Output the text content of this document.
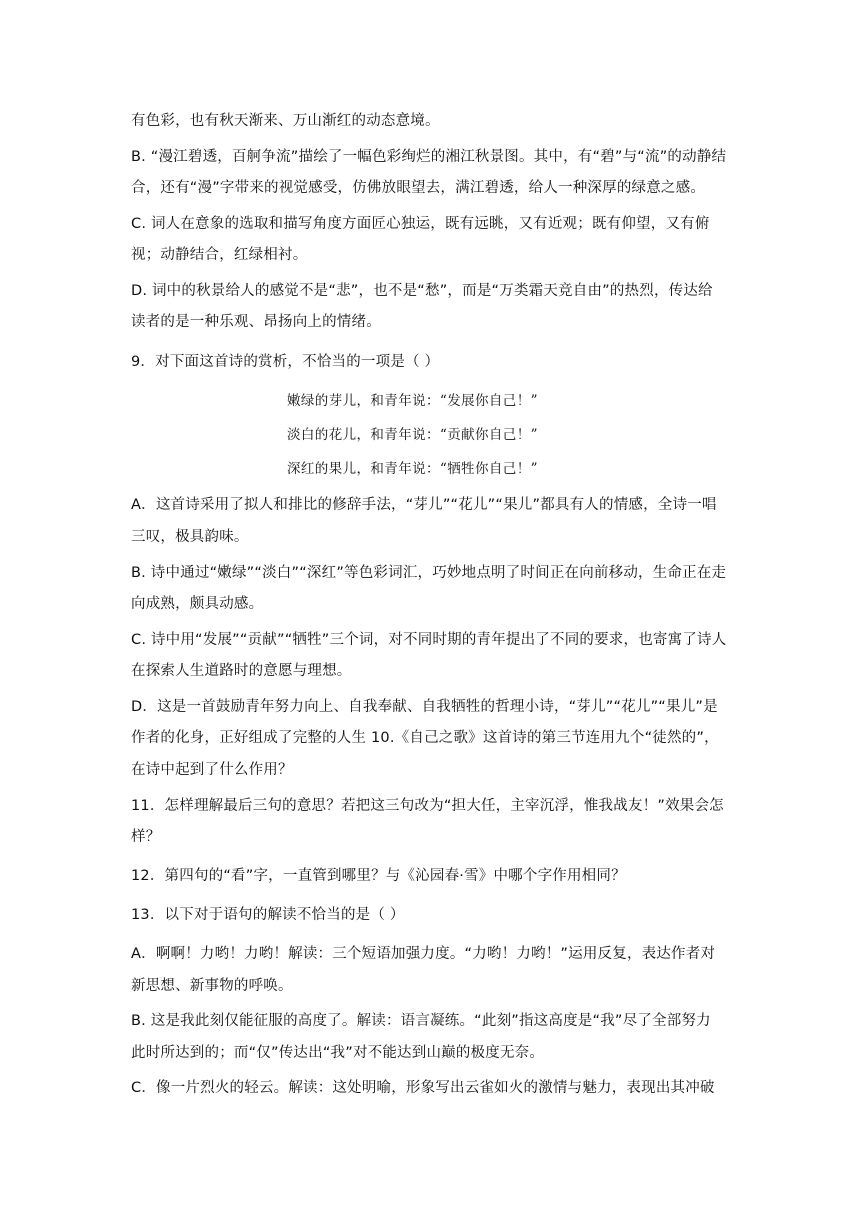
有色彩，也有秋天渐来、万山渐红的动态意境。
B. “漫江碧透，百舸争流”描绘了一幅色彩绚烂的湘江秋景图。其中，有“碧”与“流”的动静结
合，还有“漫”字带来的视觉感受，仿佛放眼望去，满江碧透，给人一种深厚的绿意之感。
C. 词人在意象的选取和描写角度方面匠心独运，既有远眺，又有近观；既有仰望，又有俯
视；动静结合，红绿相衬。
D. 词中的秋景给人的感觉不是“悲”，也不是“愁”，而是“万类霜天竞自由”的热烈，传达给
读者的是一种乐观、昂扬向上的情绪。
9．对下面这首诗的赏析，不恰当的一项是（ ）
嫩绿的芽儿，和青年说：“发展你自己！”
淡白的花儿，和青年说：“贡献你自己！”
深红的果儿，和青年说：“牺牲你自己！”
A．这首诗采用了拟人和排比的修辞手法，“芽儿”“花儿”“果儿”都具有人的情感，全诗一唱
三叹，极具韵味。
B. 诗中通过“嫩绿”“淡白”“深红”等色彩词汇，巧妙地点明了时间正在向前移动，生命正在走
向成熟，颇具动感。
C. 诗中用“发展”“贡献”“牺牲”三个词，对不同时期的青年提出了不同的要求，也寄寓了诗人
在探索人生道路时的意愿与理想。
D．这是一首鼓励青年努力向上、自我奉献、自我牺牲的哲理小诗，“芽儿”“花儿”“果儿”是
作者的化身，正好组成了完整的人生 10.《自己之歌》这首诗的第三节连用九个“徒然的”，
在诗中起到了什么作用？
11．怎样理解最后三句的意思？若把这三句改为“担大任，主宰沉浮，惟我战友！”效果会怎
样？
12．第四句的“看”字，一直管到哪里？与《沁园春·雪》中哪个字作用相同？
13．以下对于语句的解读不恰当的是（ ）
A．啊啊！力哟！力哟！解读：三个短语加强力度。“力哟！力哟！”运用反复，表达作者对
新思想、新事物的呼唤。
B. 这是我此刻仅能征服的高度了。解读：语言凝练。“此刻”指这高度是“我”尽了全部努力
此时所达到的；而“仅”传达出“我”对不能达到山巅的极度无奈。
C．像一片烈火的轻云。解读：这处明喻，形象写出云雀如火的激情与魅力，表现出其冲破
